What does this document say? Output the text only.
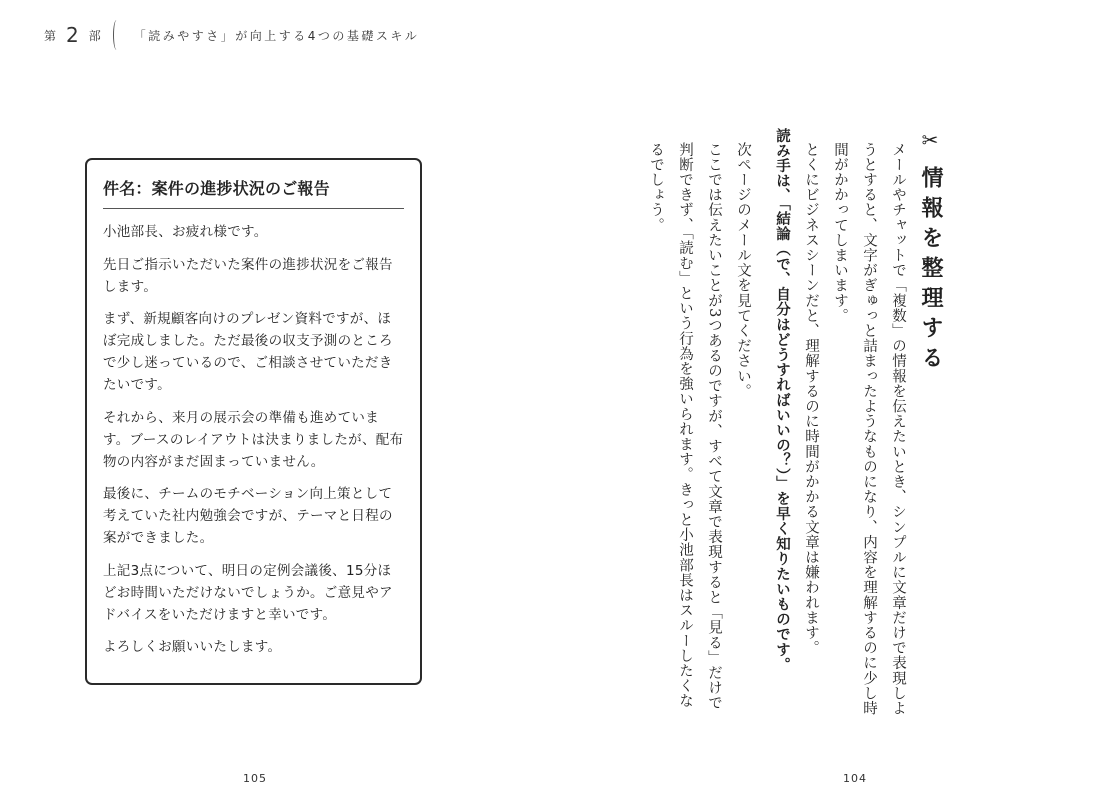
第 2 部	「読みやすさ」が向上する4つの基礎スキル
件名：案件の進捗状況のご報告

小池部長、お疲れ様です。

先日ご指示いただいた案件の進捗状況をご報告します。

まず、新規顧客向けのプレゼン資料ですが、ほぼ完成しました。ただ最後の収支予測のところで少し迷っているので、ご相談させていただきたいです。

それから、来月の展示会の準備も進めています。ブースのレイアウトは決まりましたが、配布物の内容がまだ固まっていません。

最後に、チームのモチベーション向上策として考えていた社内勉強会ですが、テーマと日程の案ができました。

上記3点について、明日の定例会議後、15分ほどお時間いただけないでしょうか。ご意見やアドバイスをいただけますと幸いです。

よろしくお願いいたします。

✂情報を整理する

メールやチャットで「複数」の情報を伝えたいとき、シンプルに文章だけで表現しようとすると、文字がぎゅっと詰まったようなものになり、内容を理解するのに少し時間がかかってしまいます。

とくにビジネスシーンだと、理解するのに時間がかかる文章は嫌われます。

読み手は、「結論（で、自分はどうすればいいの？）」を早く知りたいものです。

次ページのメール文を見てください。

ここでは伝えたいことが3つあるのですが、すべて文章で表現すると「見る」だけで判断できず、「読む」という行為を強いられます。きっと小池部長はスルーしたくなるでしょう。

105	104
